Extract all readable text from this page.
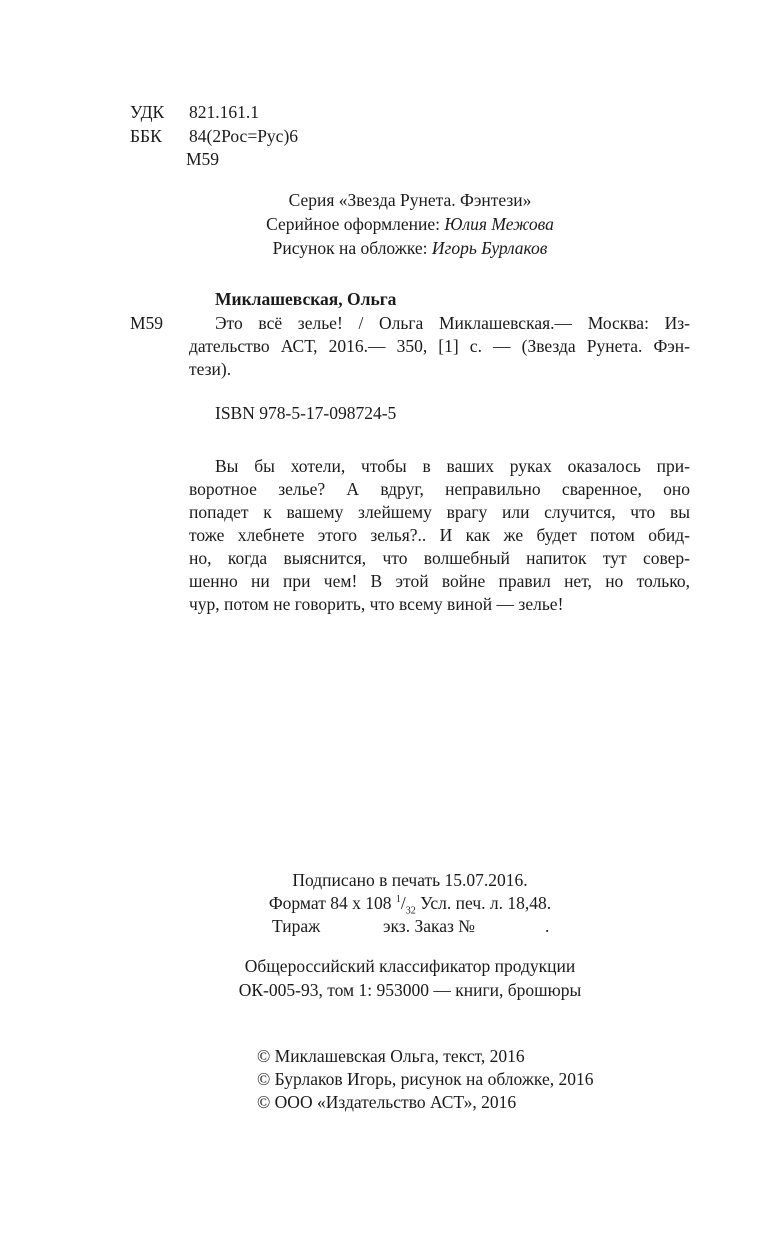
УДК 821.161.1
ББК 84(2Рос=Рус)6
М59
Серия «Звезда Рунета. Фэнтези»
Серийное оформление: Юлия Межова
Рисунок на обложке: Игорь Бурлаков
Миклашевская, Ольга
М59	Это всё зелье! / Ольга Миклашевская.— Москва: Из-
дательство АСТ, 2016.— 350, [1] с. — (Звезда Рунета. Фэн-
тези).
ISBN 978-5-17-098724-5
Вы бы хотели, чтобы в ваших руках оказалось при-
воротное зелье? А вдруг, неправильно сваренное, оно
попадет к вашему злейшему врагу или случится, что вы
тоже хлебнете этого зелья?.. И как же будет потом обид-
но, когда выяснится, что волшебный напиток тут совер-
шенно ни при чем! В этой войне правил нет, но только,
чур, потом не говорить, что всему виной — зелье!
Подписано в печать 15.07.2016.
Формат 84 х 108 $^1/_{32}$ Усл. печ. л. 18,48.
Тираж	экз. Заказ №	.
Общероссийский классификатор продукции
ОК-005-93, том 1: 953000 — книги, брошюры
© Миклашевская Ольга, текст, 2016
© Бурлаков Игорь, рисунок на обложке, 2016
© ООО «Издательство АСТ», 2016
